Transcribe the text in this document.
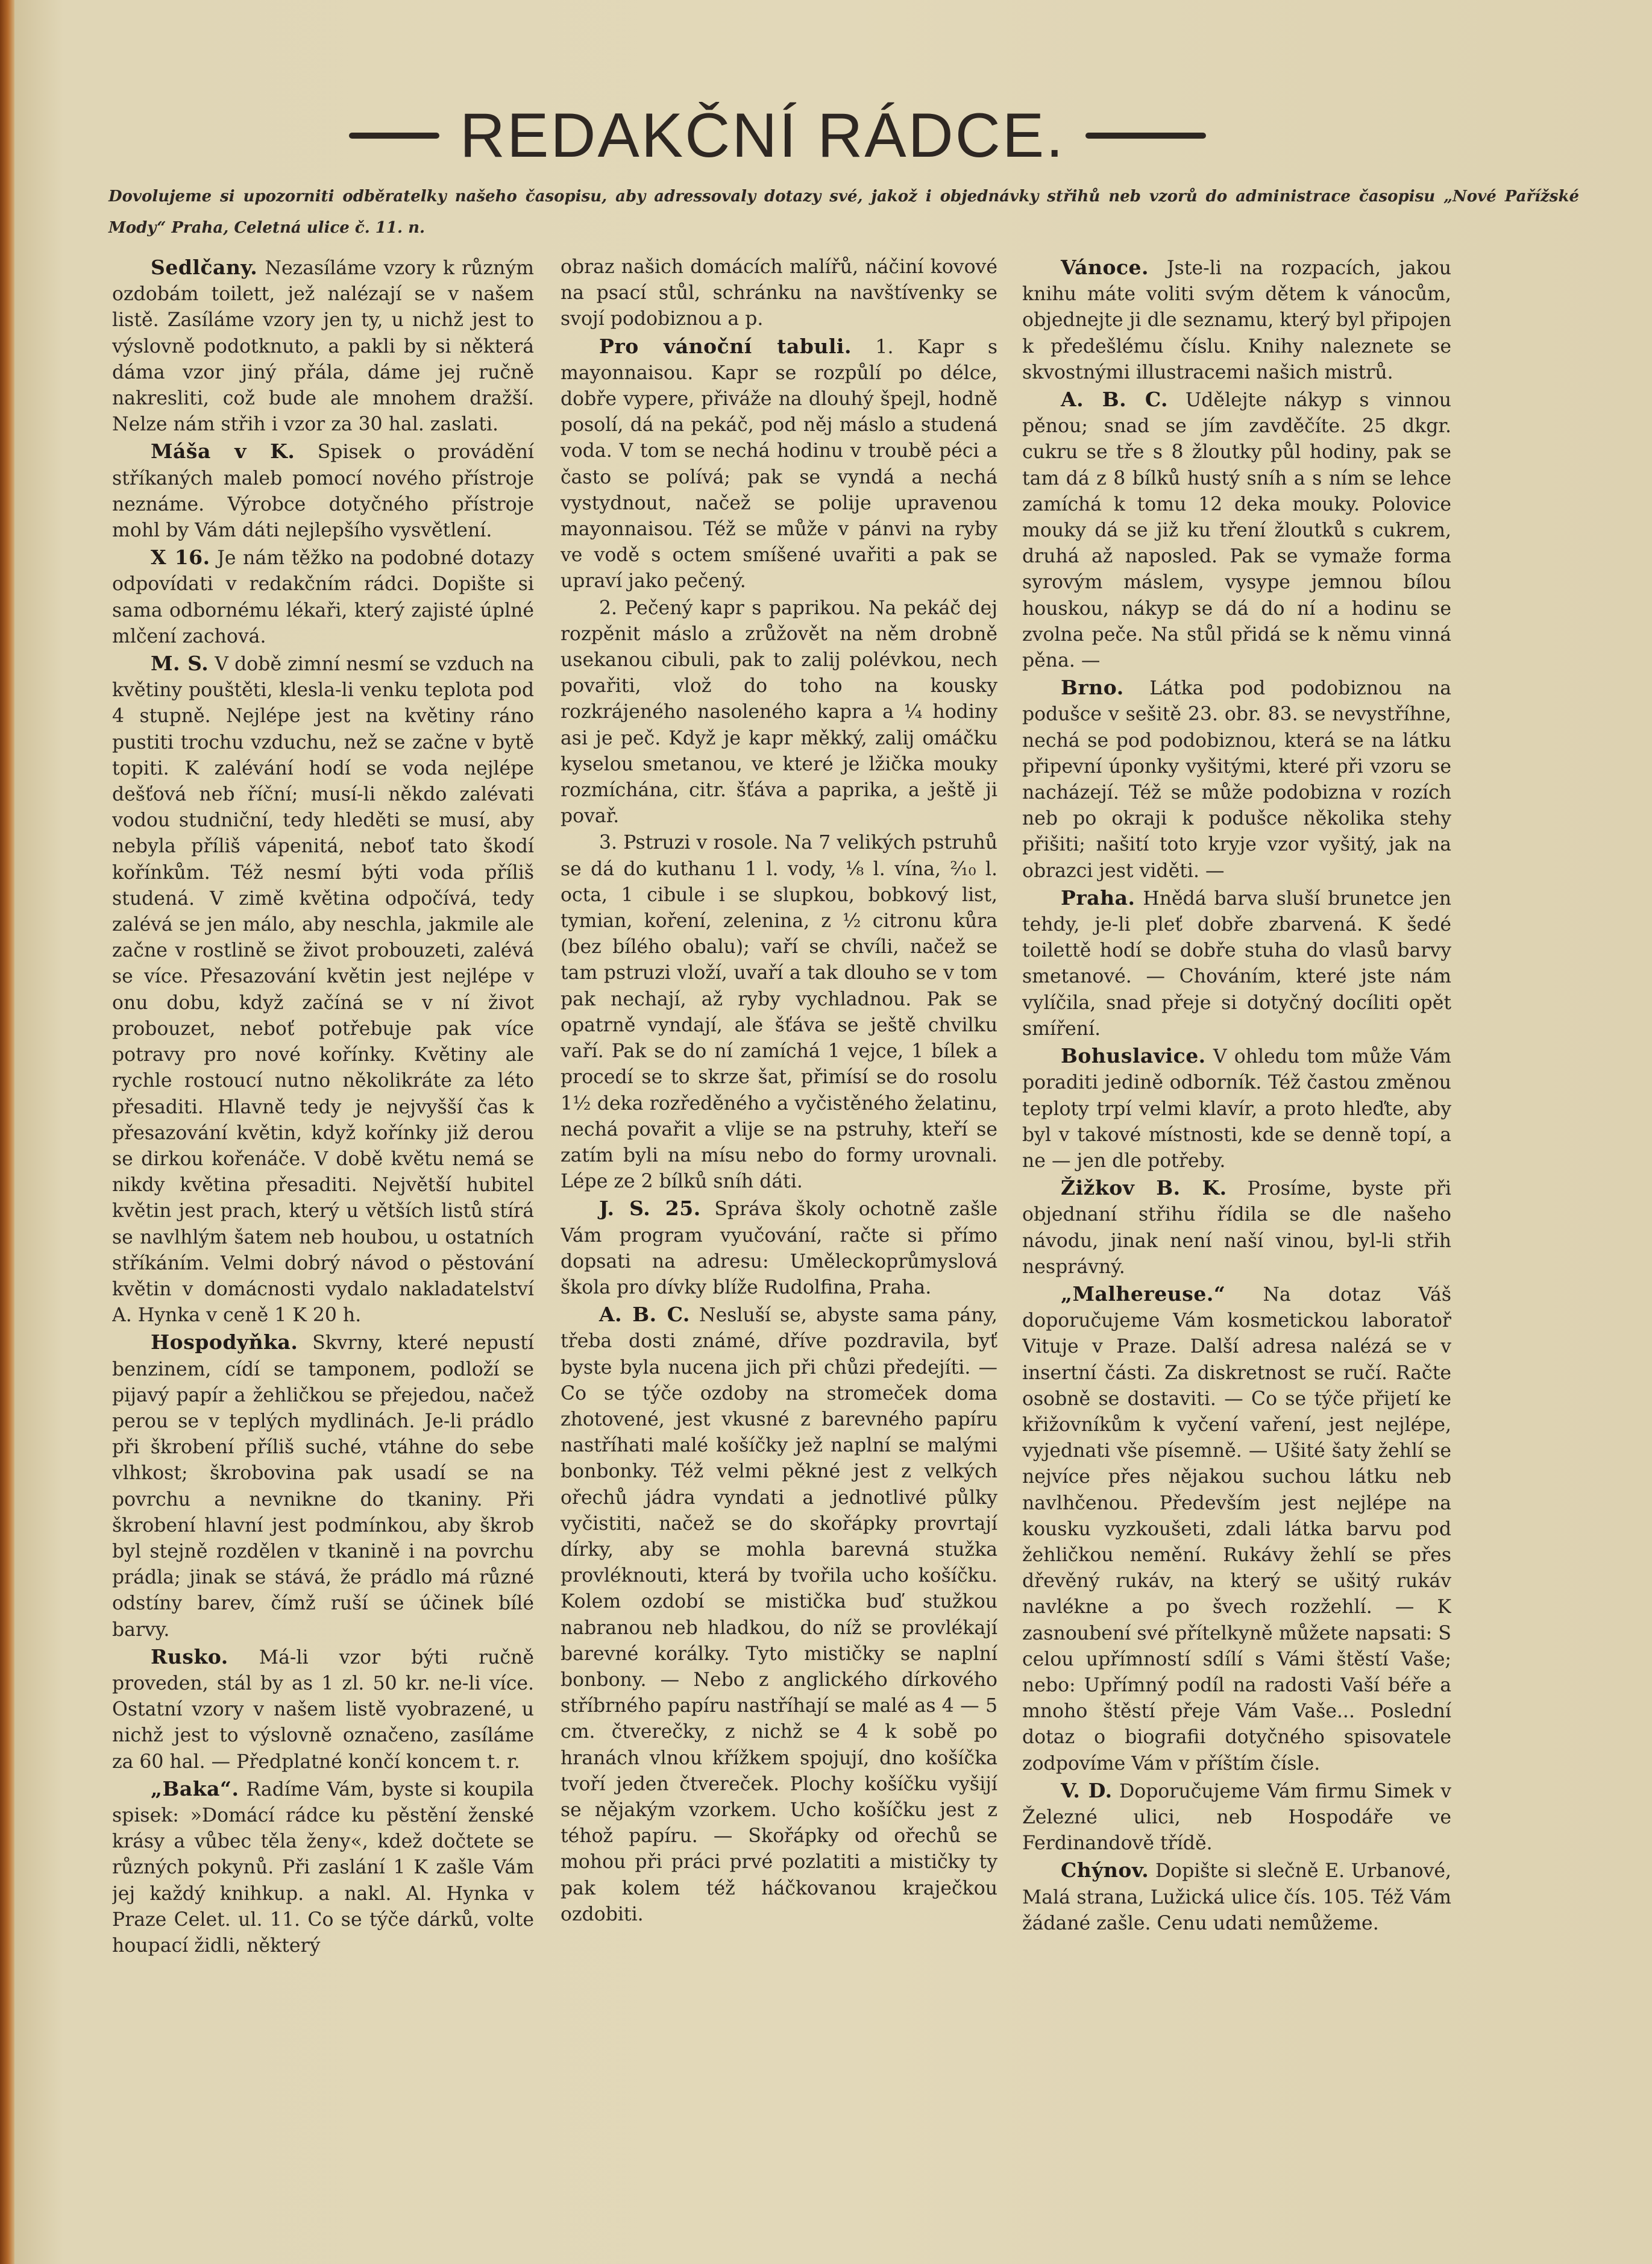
REDAKČNÍ RÁDCE.
Dovolujeme si upozorniti odběratelky našeho časopisu, aby adressovaly dotazy své, jakož i objednávky střihů neb vzorů do administrace časopisu „Nové Pařížské Mody“ Praha, Celetná ulice č. 11. n.

Sedlčany. Nezasíláme vzory k různým ozdobám toilett, jež nalézají se v našem listě. Zasíláme vzory jen ty, u nichž jest to výslovně podotknuto, a pakli by si některá dáma vzor jiný přála, dáme jej ručně nakresliti, což bude ale mnohem dražší. Nelze nám střih i vzor za 30 hal. zaslati.

Máša v K. Spisek o provádění stříkaných maleb pomocí nového přístroje neznáme. Výrobce dotyčného přístroje mohl by Vám dáti nejlepšího vysvětlení.

X 16. Je nám těžko na podobné dotazy odpovídati v redakčním rádci. Dopište si sama odbornému lékaři, který zajisté úplné mlčení zachová.

M. S. V době zimní nesmí se vzduch na květiny pouštěti, klesla-li venku teplota pod 4 stupně. Nejlépe jest na květiny ráno pustiti trochu vzduchu, než se začne v bytě topiti. K zalévání hodí se voda nejlépe dešťová neb říční; musí-li někdo zalévati vodou studniční, tedy hleděti se musí, aby nebyla příliš vápenitá, neboť tato škodí kořínkům. Též nesmí býti voda příliš studená. V zimě květina odpočívá, tedy zalévá se jen málo, aby neschla, jakmile ale začne v rostlině se život probouzeti, zalévá se více. Přesazování květin jest nejlépe v onu dobu, když začíná se v ní život probouzet, neboť potřebuje pak více potravy pro nové kořínky. Květiny ale rychle rostoucí nutno několikráte za léto přesaditi. Hlavně tedy je nejvyšší čas k přesazování květin, když kořínky již derou se dirkou kořenáče. V době květu nemá se nikdy květina přesaditi. Největší hubitel květin jest prach, který u větších listů stírá se navlhlým šatem neb houbou, u ostatních stříkáním. Velmi dobrý návod o pěstování květin v domácnosti vydalo nakladatelství A. Hynka v ceně 1 K 20 h.

Hospodyňka. Skvrny, které nepustí benzinem, cídí se tamponem, podloží se pijavý papír a žehličkou se přejedou, načež perou se v teplých mydlinách. Je-li prádlo při škrobení příliš suché, vtáhne do sebe vlhkost; škrobovina pak usadí se na povrchu a nevnikne do tkaniny. Při škrobení hlavní jest podmínkou, aby škrob byl stejně rozdělen v tkanině i na povrchu prádla; jinak se stává, že prádlo má různé odstíny barev, čímž ruší se účinek bílé barvy.

Rusko. Má-li vzor býti ručně proveden, stál by as 1 zl. 50 kr. ne-li více. Ostatní vzory v našem listě vyobrazené, u nichž jest to výslovně označeno, zasíláme za 60 hal. — Předplatné končí koncem t. r.

„Baka“. Radíme Vám, byste si koupila spisek: »Domácí rádce ku pěstění ženské krásy a vůbec těla ženy«, kdež dočtete se různých pokynů. Při zaslání 1 K zašle Vám jej každý knihkup. a nakl. Al. Hynka v Praze Celet. ul. 11. Co se týče dárků, volte houpací židli, některý

obraz našich domácích malířů, náčiní kovové na psací stůl, schránku na navštívenky se svojí podobiznou a p.

Pro vánoční tabuli. 1. Kapr s mayonnaisou. Kapr se rozpůlí po délce, dobře vypere, přiváže na dlouhý špejl, hodně posolí, dá na pekáč, pod něj máslo a studená voda. V tom se nechá hodinu v troubě péci a často se polívá; pak se vyndá a nechá vystydnout, načež se polije upravenou mayonnaisou. Též se může v pánvi na ryby ve vodě s octem smíšené uvařiti a pak se upraví jako pečený.

2. Pečený kapr s paprikou. Na pekáč dej rozpěnit máslo a zrůžovět na něm drobně usekanou cibuli, pak to zalij polévkou, nech povařiti, vlož do toho na kousky rozkrájeného nasoleného kapra a ¼ hodiny asi je peč. Když je kapr měkký, zalij omáčku kyselou smetanou, ve které je lžička mouky rozmíchána, citr. šťáva a paprika, a ještě ji povař.

3. Pstruzi v rosole. Na 7 velikých pstruhů se dá do kuthanu 1 l. vody, ⅛ l. vína, ²⁄₁₀ l. octa, 1 cibule i se slupkou, bobkový list, tymian, koření, zelenina, z ½ citronu kůra (bez bílého obalu); vaří se chvíli, načež se tam pstruzi vloží, uvaří a tak dlouho se v tom pak nechají, až ryby vychladnou. Pak se opatrně vyndají, ale šťáva se ještě chvilku vaří. Pak se do ní zamíchá 1 vejce, 1 bílek a procedí se to skrze šat, přimísí se do rosolu 1½ deka rozředěného a vyčistěného želatinu, nechá povařit a vlije se na pstruhy, kteří se zatím byli na mísu nebo do formy urovnali. Lépe ze 2 bílků sníh dáti.

J. S. 25. Správa školy ochotně zašle Vám program vyučování, račte si přímo dopsati na adresu: Uměleckoprůmyslová škola pro dívky blíže Rudolfina, Praha.

A. B. C. Nesluší se, abyste sama pány, třeba dosti známé, dříve pozdravila, byť byste byla nucena jich při chůzi předejíti. — Co se týče ozdoby na stromeček doma zhotovené, jest vkusné z barevného papíru nastříhati malé košíčky jež naplní se malými bonbonky. Též velmi pěkné jest z velkých ořechů jádra vyndati a jednotlivé půlky vyčistiti, načež se do skořápky provrtají dírky, aby se mohla barevná stužka provléknouti, která by tvořila ucho košíčku. Kolem ozdobí se mistička buď stužkou nabranou neb hladkou, do níž se provlékají barevné korálky. Tyto mističky se naplní bonbony. — Nebo z anglického dírkového stříbrného papíru nastříhají se malé as 4 — 5 cm. čtverečky, z nichž se 4 k sobě po hranách vlnou křížkem spojují, dno košíčka tvoří jeden čtvereček. Plochy košíčku vyšijí se nějakým vzorkem. Ucho košíčku jest z téhož papíru. — Skořápky od ořechů se mohou při práci prvé pozlatiti a mističky ty pak kolem též háčkovanou kraječkou ozdobiti.

Vánoce. Jste-li na rozpacích, jakou knihu máte voliti svým dětem k vánocům, objednejte ji dle seznamu, který byl připojen k předešlému číslu. Knihy naleznete se skvostnými illustracemi našich mistrů.

A. B. C. Udělejte nákyp s vinnou pěnou; snad se jím zavděčíte. 25 dkgr. cukru se tře s 8 žloutky půl hodiny, pak se tam dá z 8 bílků hustý sníh a s ním se lehce zamíchá k tomu 12 deka mouky. Polovice mouky dá se již ku tření žloutků s cukrem, druhá až naposled. Pak se vymaže forma syrovým máslem, vysype jemnou bílou houskou, nákyp se dá do ní a hodinu se zvolna peče. Na stůl přidá se k němu vinná pěna. —

Brno. Látka pod podobiznou na podušce v sešitě 23. obr. 83. se nevystříhne, nechá se pod podobiznou, která se na látku připevní úponky vyšitými, které při vzoru se nacházejí. Též se může podobizna v rozích neb po okraji k podušce několika stehy přišiti; našití toto kryje vzor vyšitý, jak na obrazci jest viděti. —

Praha. Hnědá barva sluší brunetce jen tehdy, je-li pleť dobře zbarvená. K šedé toilettě hodí se dobře stuha do vlasů barvy smetanové. — Chováním, které jste nám vylíčila, snad přeje si dotyčný docíliti opět smíření.

Bohuslavice. V ohledu tom může Vám poraditi jedině odborník. Též častou změnou teploty trpí velmi klavír, a proto hleďte, aby byl v takové místnosti, kde se denně topí, a ne — jen dle potřeby.

Žižkov B. K. Prosíme, byste při objednaní střihu řídila se dle našeho návodu, jinak není naší vinou, byl-li střih nesprávný.

„Malhereuse.“ Na dotaz Váš doporučujeme Vám kosmetickou laboratoř Vituje v Praze. Další adresa nalézá se v insertní části. Za diskretnost se ručí. Račte osobně se dostaviti. — Co se týče přijetí ke křižovníkům k vyčení vaření, jest nejlépe, vyjednati vše písemně. — Ušité šaty žehlí se nejvíce přes nějakou suchou látku neb navlhčenou. Především jest nejlépe na kousku vyzkoušeti, zdali látka barvu pod žehličkou nemění. Rukávy žehlí se přes dřevěný rukáv, na který se ušitý rukáv navlékne a po švech rozžehlí. — K zasnoubení své přítelkyně můžete napsati: S celou upřímností sdílí s Vámi štěstí Vaše; nebo: Upřímný podíl na radosti Vaší béře a mnoho štěstí přeje Vám Vaše... Poslední dotaz o biografii dotyčného spisovatele zodpovíme Vám v příštím čísle.

V. D. Doporučujeme Vám firmu Simek v Železné ulici, neb Hospodáře ve Ferdinandově třídě.

Chýnov. Dopište si slečně E. Urbanové, Malá strana, Lužická ulice čís. 105. Též Vám žádané zašle. Cenu udati nemůžeme.
